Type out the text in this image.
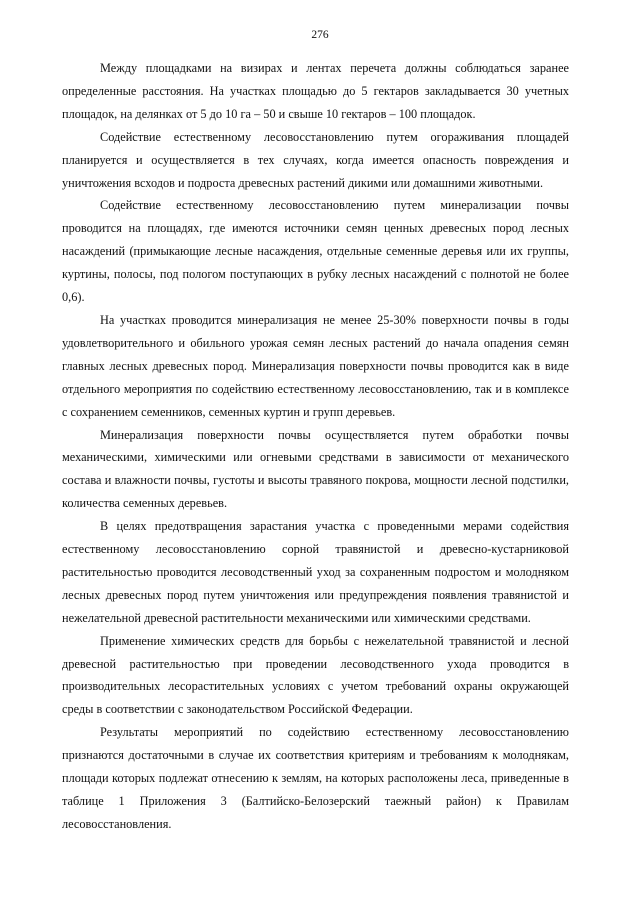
276

Между площадками на визирах и лентах перечета должны соблюдаться заранее определенные расстояния. На участках площадью до 5 гектаров закладывается 30 учетных площадок, на делянках от 5 до 10 га – 50 и свыше 10 гектаров – 100 площадок.

Содействие естественному лесовосстановлению путем огораживания площадей планируется и осуществляется в тех случаях, когда имеется опасность повреждения и уничтожения всходов и подроста древесных растений дикими или домашними животными.

Содействие естественному лесовосстановлению путем минерализации почвы проводится на площадях, где имеются источники семян ценных древесных пород лесных насаждений (примыкающие лесные насаждения, отдельные семенные деревья или их группы, куртины, полосы, под пологом поступающих в рубку лесных насаждений с полнотой не более 0,6).

На участках проводится минерализация не менее 25-30% поверхности почвы в годы удовлетворительного и обильного урожая семян лесных растений до начала опадения семян главных лесных древесных пород. Минерализация поверхности почвы проводится как в виде отдельного мероприятия по содействию естественному лесовосстановлению, так и в комплексе с сохранением семенников, семенных куртин и групп деревьев.

Минерализация поверхности почвы осуществляется путем обработки почвы механическими, химическими или огневыми средствами в зависимости от механического состава и влажности почвы, густоты и высоты травяного покрова, мощности лесной подстилки, количества семенных деревьев.

В целях предотвращения зарастания участка с проведенными мерами содействия естественному лесовосстановлению сорной травянистой и древесно-кустарниковой растительностью проводится лесоводственный уход за сохраненным подростом и молодняком лесных древесных пород путем уничтожения или предупреждения появления травянистой и нежелательной древесной растительности механическими или химическими средствами.

Применение химических средств для борьбы с нежелательной травянистой и лесной древесной растительностью при проведении лесоводственного ухода проводится в производительных лесорастительных условиях с учетом требований охраны окружающей среды в соответствии с законодательством Российской Федерации.

Результаты мероприятий по содействию естественному лесовосстановлению признаются достаточными в случае их соответствия критериям и требованиям к молоднякам, площади которых подлежат отнесению к землям, на которых расположены леса, приведенные в таблице 1 Приложения 3 (Балтийско-Белозерский таежный район) к Правилам лесовосстановления.
